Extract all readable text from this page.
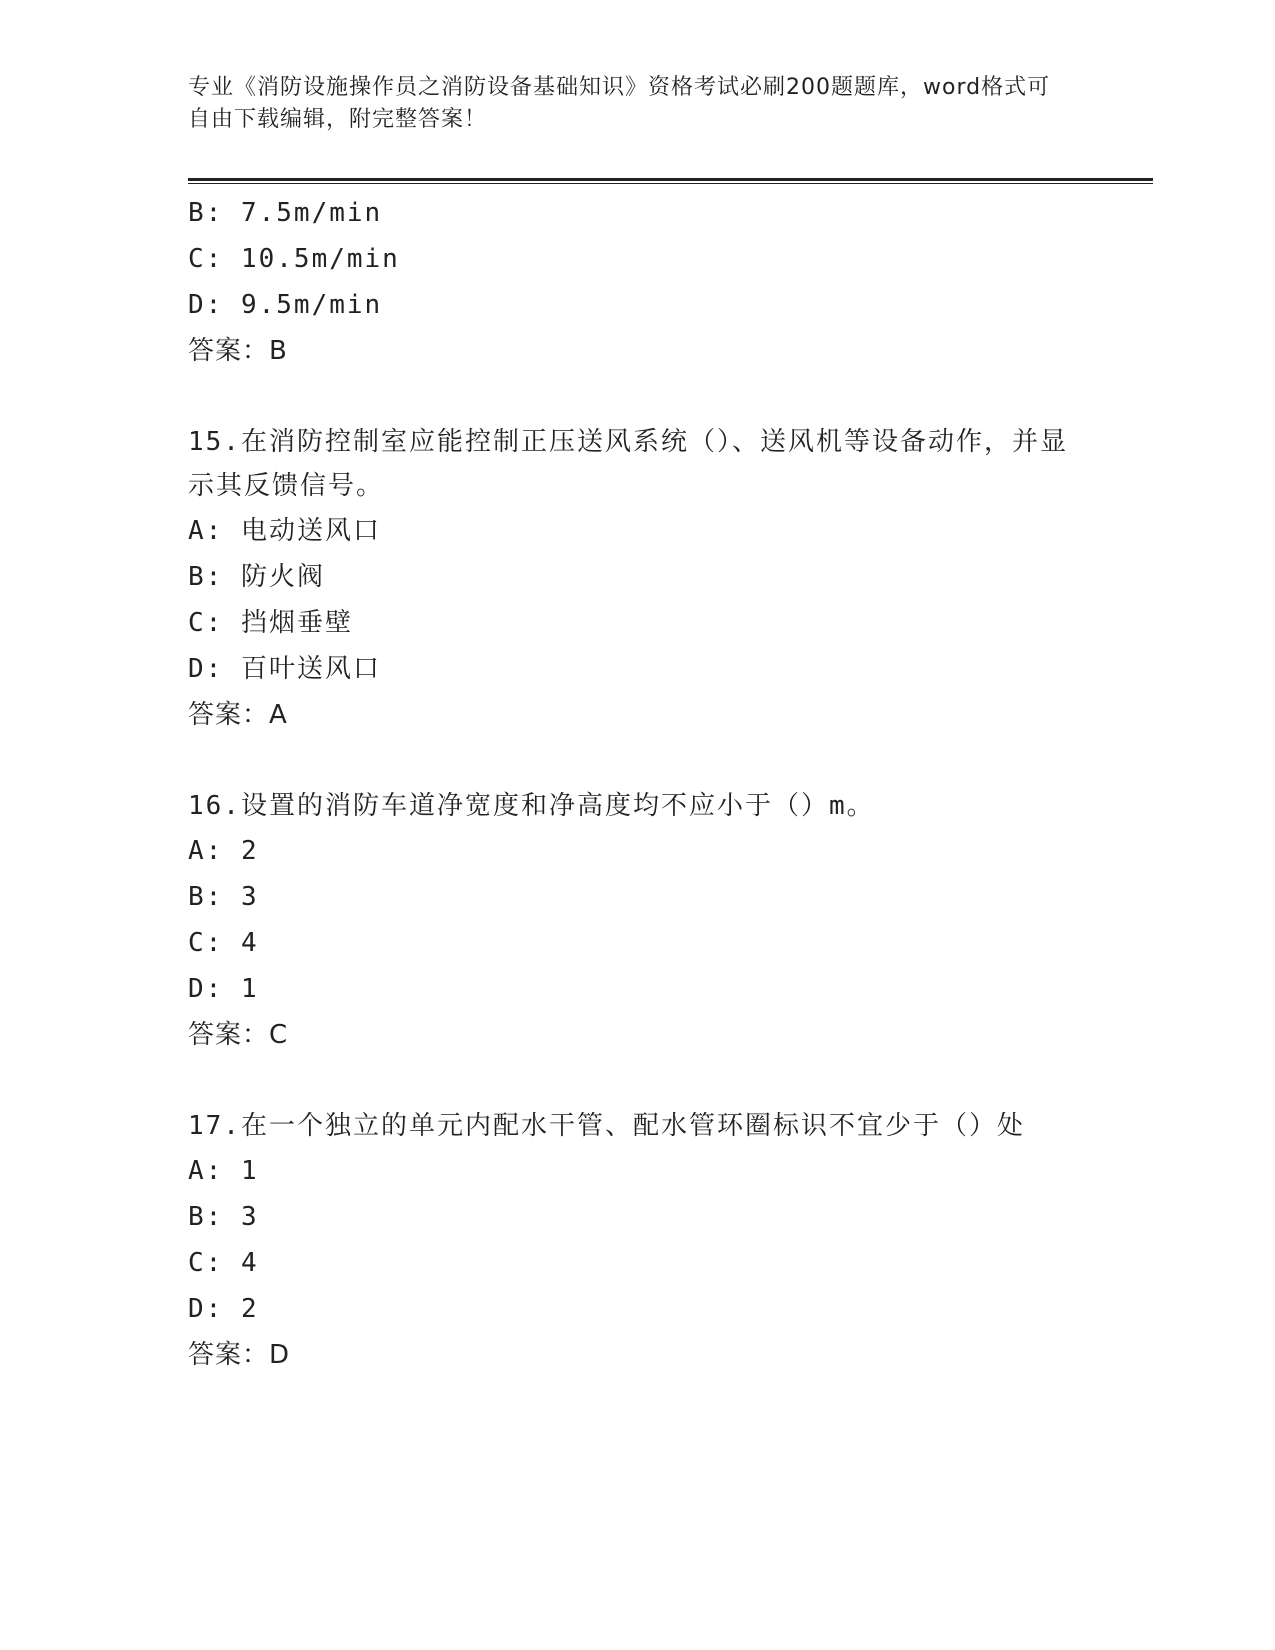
专业《消防设施操作员之消防设备基础知识》资格考试必刷200题题库，word格式可自由下载编辑，附完整答案！
B: 7.5m/min
C: 10.5m/min
D: 9.5m/min
答案：B
15.在消防控制室应能控制正压送风系统（）、送风机等设备动作，并显示其反馈信号。
A: 电动送风口
B: 防火阀
C: 挡烟垂壁
D: 百叶送风口
答案：A
16.设置的消防车道净宽度和净高度均不应小于（）m。
A: 2
B: 3
C: 4
D: 1
答案：C
17.在一个独立的单元内配水干管、配水管环圈标识不宜少于（）处
A: 1
B: 3
C: 4
D: 2
答案：D
